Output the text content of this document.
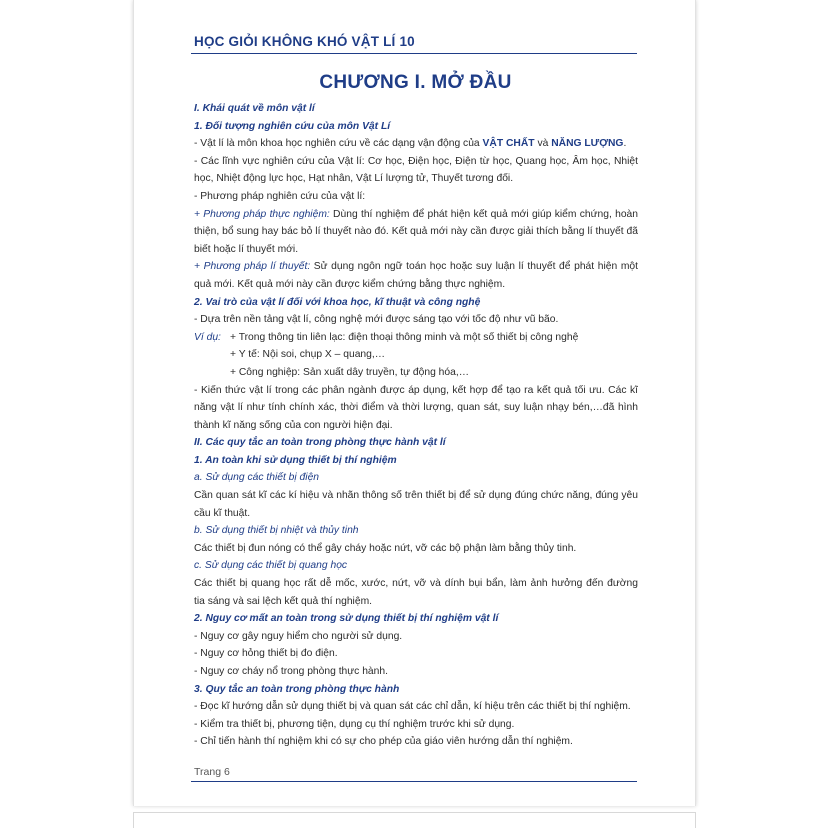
HỌC GIỎI KHÔNG KHÓ VẬT LÍ 10
CHƯƠNG I. MỞ ĐẦU
I. Khái quát về môn vật lí
1. Đối tượng nghiên cứu của môn Vật Lí
- Vật lí là môn khoa học nghiên cứu về các dạng vận động của VẬT CHẤT và NĂNG LƯỢNG.
- Các lĩnh vực nghiên cứu của Vật lí: Cơ học, Điện học, Điện từ học, Quang học, Âm học, Nhiệt
học, Nhiệt động lực học, Hạt nhân, Vật Lí lượng tử, Thuyết tương đối.
- Phương pháp nghiên cứu của vật lí:
+ Phương pháp thực nghiệm: Dùng thí nghiệm để phát hiện kết quả mới giúp kiểm chứng, hoàn
thiện, bổ sung hay bác bỏ lí thuyết nào đó. Kết quả mới này cần được giải thích bằng lí thuyết đã
biết hoặc lí thuyết mới.
+ Phương pháp lí thuyết: Sử dụng ngôn ngữ toán học hoặc suy luận lí thuyết để phát hiện một
quả mới. Kết quả mới này cần được kiểm chứng bằng thực nghiệm.
2. Vai trò của vật lí đối với khoa học, kĩ thuật và công nghệ
- Dựa trên nền tảng vật lí, công nghệ mới được sáng tạo với tốc độ như vũ bão.
Ví dụ: + Trong thông tin liên lạc: điện thoại thông minh và một số thiết bị công nghệ
+ Y tế: Nội soi, chụp X – quang,…
+ Công nghiệp: Sản xuất dây truyền, tự động hóa,…
- Kiến thức vật lí trong các phân ngành được áp dụng, kết hợp để tạo ra kết quả tối ưu. Các kĩ
năng vật lí như tính chính xác, thời điểm và thời lượng, quan sát, suy luận nhạy bén,…đã hình
thành kĩ năng sống của con người hiện đại.
II. Các quy tắc an toàn trong phòng thực hành vật lí
1. An toàn khi sử dụng thiết bị thí nghiệm
a. Sử dụng các thiết bị điện
Cần quan sát kĩ các kí hiệu và nhãn thông số trên thiết bị để sử dụng đúng chức năng, đúng yêu
cầu kĩ thuật.
b. Sử dụng thiết bị nhiệt và thủy tinh
Các thiết bị đun nóng có thể gây cháy hoặc nứt, vỡ các bộ phận làm bằng thủy tinh.
c. Sử dụng các thiết bị quang học
Các thiết bị quang học rất dễ mốc, xước, nứt, vỡ và dính bụi bẩn, làm ảnh hưởng đến đường
tia sáng và sai lệch kết quả thí nghiệm.
2. Nguy cơ mất an toàn trong sử dụng thiết bị thí nghiệm vật lí
- Nguy cơ gây nguy hiểm cho người sử dụng.
- Nguy cơ hỏng thiết bị đo điện.
- Nguy cơ cháy nổ trong phòng thực hành.
3. Quy tắc an toàn trong phòng thực hành
- Đọc kĩ hướng dẫn sử dụng thiết bị và quan sát các chỉ dẫn, kí hiệu trên các thiết bị thí nghiệm.
- Kiểm tra thiết bị, phương tiện, dụng cụ thí nghiệm trước khi sử dụng.
- Chỉ tiến hành thí nghiệm khi có sự cho phép của giáo viên hướng dẫn thí nghiệm.
Trang 6
